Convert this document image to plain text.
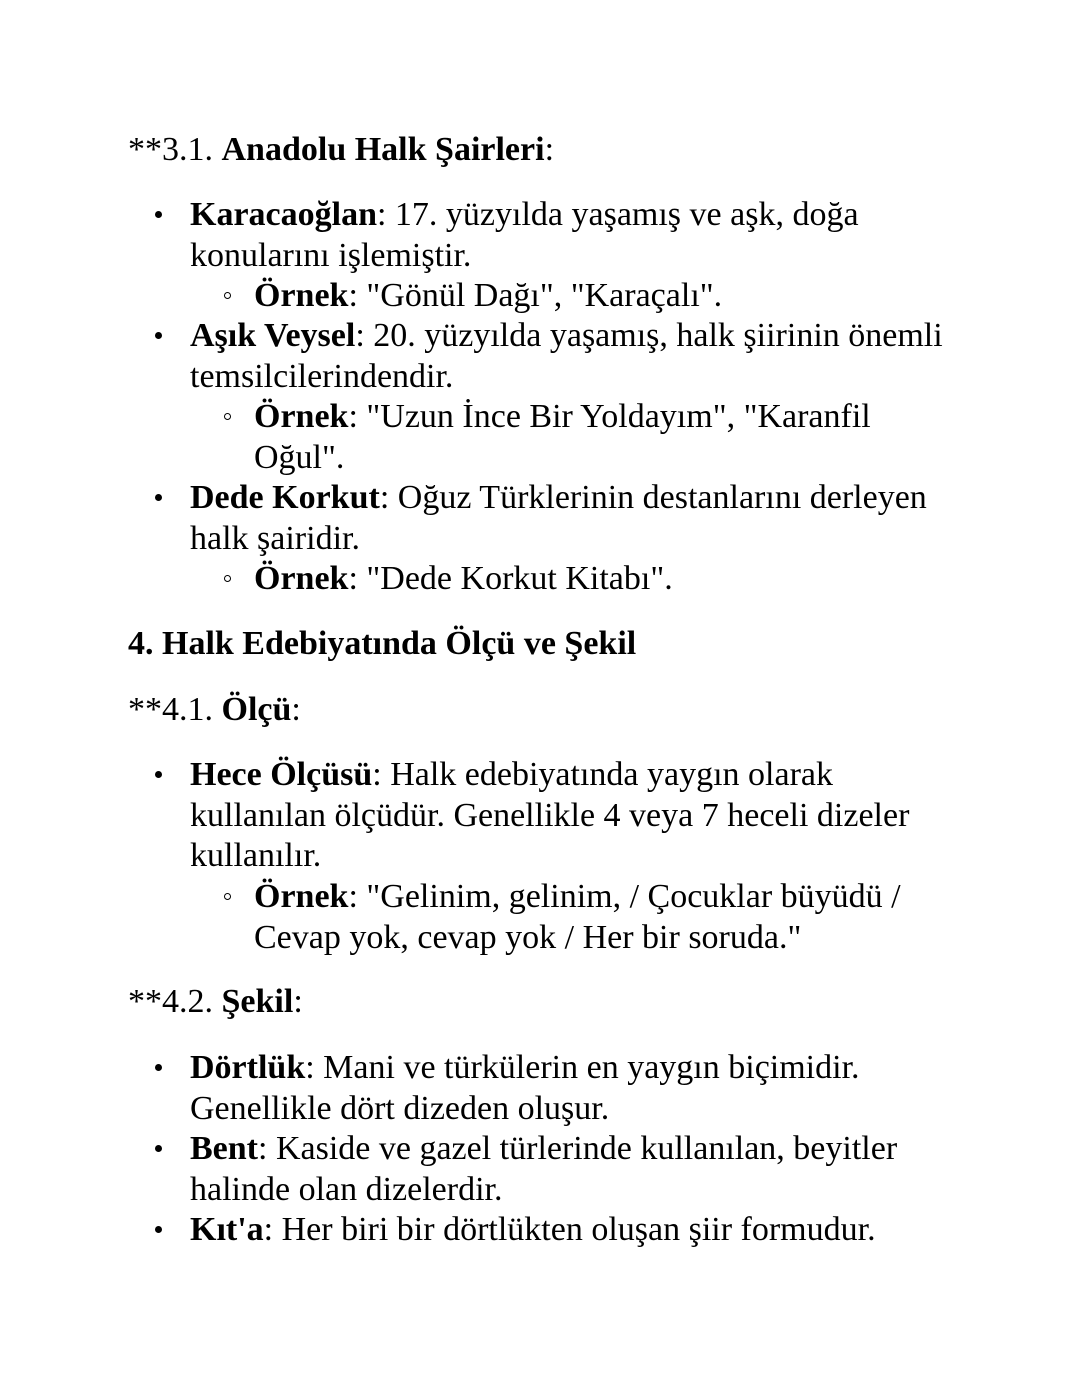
**3.1. Anadolu Halk Şairleri:
Karacaoğlan: 17. yüzyılda yaşamış ve aşk, doğa konularını işlemiştir.
Örnek: "Gönül Dağı", "Karaçalı".
Aşık Veysel: 20. yüzyılda yaşamış, halk şiirinin önemli temsilcilerindendir.
Örnek: "Uzun İnce Bir Yoldayım", "Karanfil Oğul".
Dede Korkut: Oğuz Türklerinin destanlarını derleyen halk şairidir.
Örnek: "Dede Korkut Kitabı".
4. Halk Edebiyatında Ölçü ve Şekil
**4.1. Ölçü:
Hece Ölçüsü: Halk edebiyatında yaygın olarak kullanılan ölçüdür. Genellikle 4 veya 7 heceli dizeler kullanılır.
Örnek: "Gelinim, gelinim, / Çocuklar büyüdü / Cevap yok, cevap yok / Her bir soruda."
**4.2. Şekil:
Dörtlük: Mani ve türkülerin en yaygın biçimidir. Genellikle dört dizeden oluşur.
Bent: Kaside ve gazel türlerinde kullanılan, beyitler halinde olan dizelerdir.
Kıt'a: Her biri bir dörtlükten oluşan şiir formudur.
